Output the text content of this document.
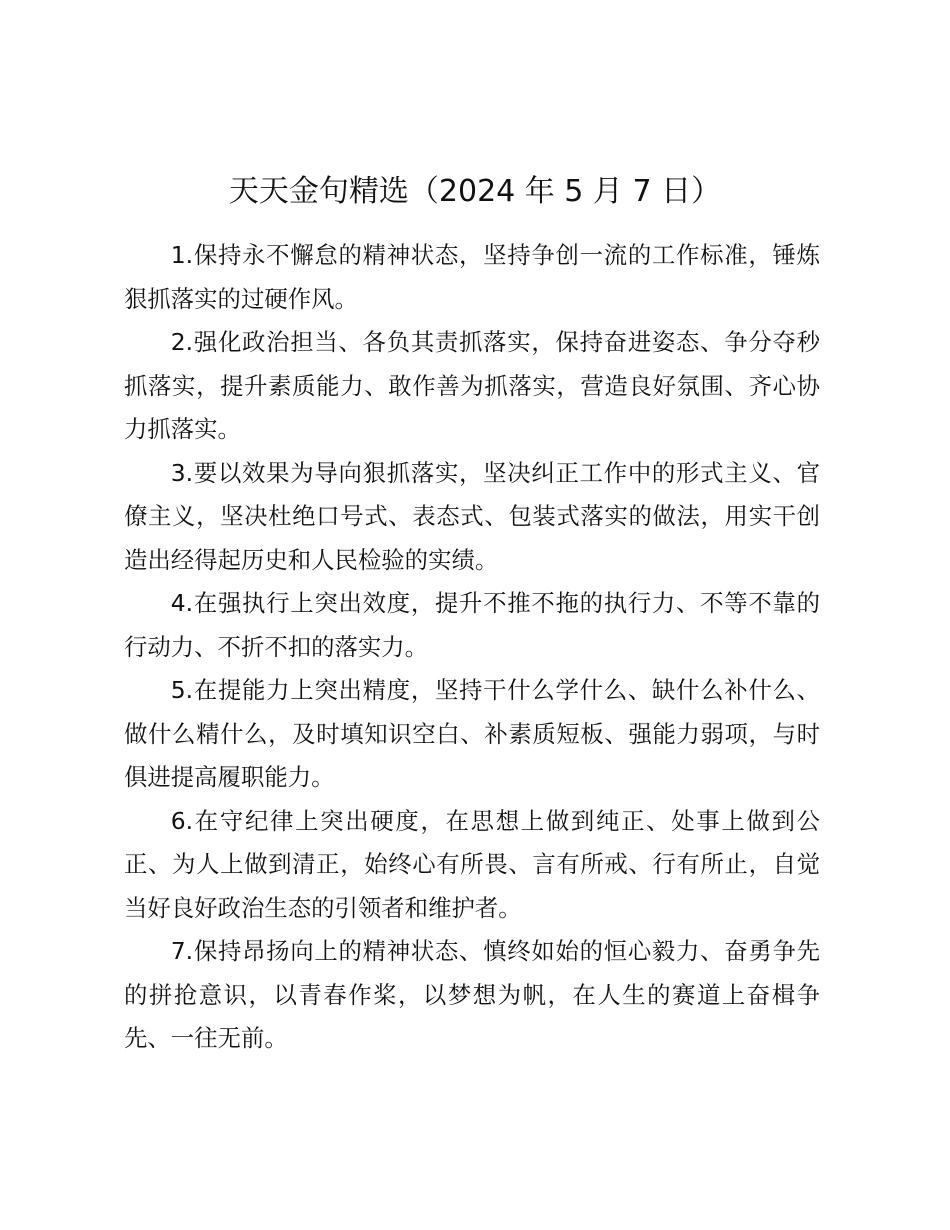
天天金句精选（2024 年 5 月 7 日）

1.保持永不懈怠的精神状态，坚持争创一流的工作标准，锤炼狠抓落实的过硬作风。

2.强化政治担当、各负其责抓落实，保持奋进姿态、争分夺秒抓落实，提升素质能力、敢作善为抓落实，营造良好氛围、齐心协力抓落实。

3.要以效果为导向狠抓落实，坚决纠正工作中的形式主义、官僚主义，坚决杜绝口号式、表态式、包装式落实的做法，用实干创造出经得起历史和人民检验的实绩。

4.在强执行上突出效度，提升不推不拖的执行力、不等不靠的行动力、不折不扣的落实力。

5.在提能力上突出精度，坚持干什么学什么、缺什么补什么、做什么精什么，及时填知识空白、补素质短板、强能力弱项，与时俱进提高履职能力。

6.在守纪律上突出硬度，在思想上做到纯正、处事上做到公正、为人上做到清正，始终心有所畏、言有所戒、行有所止，自觉当好良好政治生态的引领者和维护者。

7.保持昂扬向上的精神状态、慎终如始的恒心毅力、奋勇争先的拼抢意识，以青春作桨，以梦想为帆，在人生的赛道上奋楫争先、一往无前。
